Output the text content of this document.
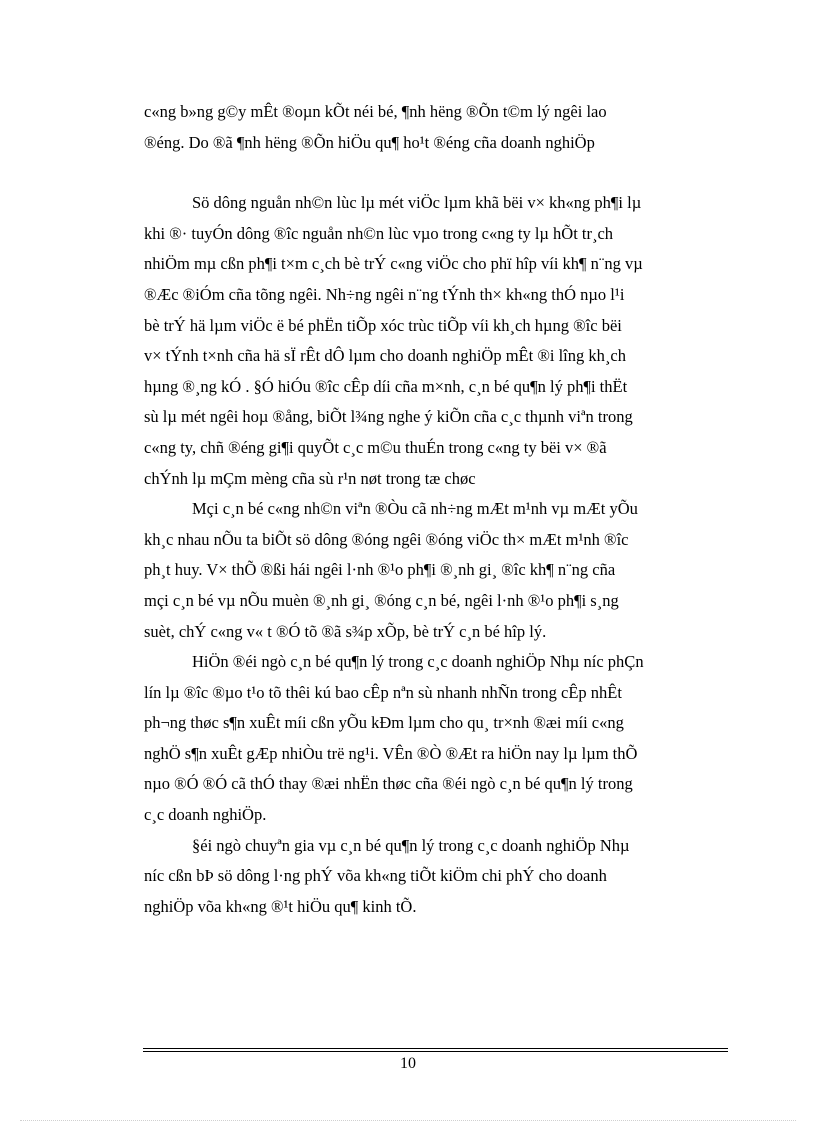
c«ng b»ng g©y mÊt ®oµn kÕt néi bé, ¶nh hëng ®Õn t©m lý ngêi lao
®éng. Do ®ã ¶nh hëng ®Õn hiÖu qu¶ ho¹t ®éng cña doanh nghiÖp
Sö dông nguån nh©n lùc lµ mét viÖc lµm khã bëi v× kh«ng ph¶i lµ
khi ®· tuyÓn dông ®îc nguån nh©n lùc vµo trong c«ng ty lµ hÕt tr¸ch
nhiÖm mµ cßn ph¶i t×m c¸ch bè trÝ c«ng viÖc cho phï hîp víi kh¶ n¨ng vµ
®Æc ®iÓm cña tõng ngêi. Nh÷ng ngêi n¨ng tÝnh th× kh«ng thÓ nµo l¹i
bè trÝ hä lµm viÖc ë bé phËn tiÕp xóc trùc tiÕp víi kh¸ch hµng ®îc bëi
v× tÝnh t×nh cña hä sÏ rÊt dÔ lµm cho doanh nghiÖp mÊt ®i lîng kh¸ch
hµng ®¸ng kÓ . §Ó hiÓu ®îc cÊp díi cña m×nh, c¸n bé qu¶n lý ph¶i thËt
sù lµ mét ngêi hoµ ®ång, biÕt l¾ng nghe ý kiÕn cña c¸c thµnh viªn trong
c«ng ty, chñ ®éng gi¶i quyÕt c¸c m©u thuÉn trong c«ng ty bëi v× ®ã
chÝnh lµ mÇm mèng cña sù r¹n nøt trong tæ chøc
Mçi c¸n bé c«ng nh©n viªn ®Òu cã nh÷ng mÆt m¹nh vµ mÆt yÕu
kh¸c nhau nÕu ta biÕt sö dông ®óng ngêi ®óng viÖc th× mÆt m¹nh ®îc
ph¸t huy. V× thÕ ®ßi hái ngêi l·nh ®¹o ph¶i ®¸nh gi¸ ®îc kh¶ n¨ng cña
mçi c¸n bé vµ nÕu muèn ®¸nh gi¸ ®óng c¸n bé, ngêi l·nh ®¹o ph¶i s¸ng
suèt, chÝ c«ng v« t ®Ó tõ ®ã s¾p xÕp, bè trÝ c¸n bé hîp lý.
HiÖn ®éi ngò c¸n bé qu¶n lý trong c¸c doanh nghiÖp Nhµ níc phÇn
lín lµ ®îc ®µo t¹o tõ thêi kú bao cÊp nªn sù nhanh nhÑn trong cÊp nhÊt
ph¬ng thøc s¶n xuÊt míi cßn yÕu kÐm lµm cho qu¸ tr×nh ®æi míi c«ng
nghÖ s¶n xuÊt gÆp nhiÒu trë ng¹i. VÊn ®Ò ®Æt ra hiÖn nay lµ lµm thÕ
nµo ®Ó ®Ó cã thÓ thay ®æi nhËn thøc cña ®éi ngò c¸n bé qu¶n lý trong
c¸c doanh nghiÖp.
§éi ngò chuyªn gia vµ c¸n bé qu¶n lý trong c¸c doanh nghiÖp Nhµ
níc cßn bÞ sö dông l·ng phÝ võa kh«ng tiÕt kiÖm chi phÝ cho doanh
nghiÖp võa kh«ng ®¹t hiÖu qu¶ kinh tÕ.
10
